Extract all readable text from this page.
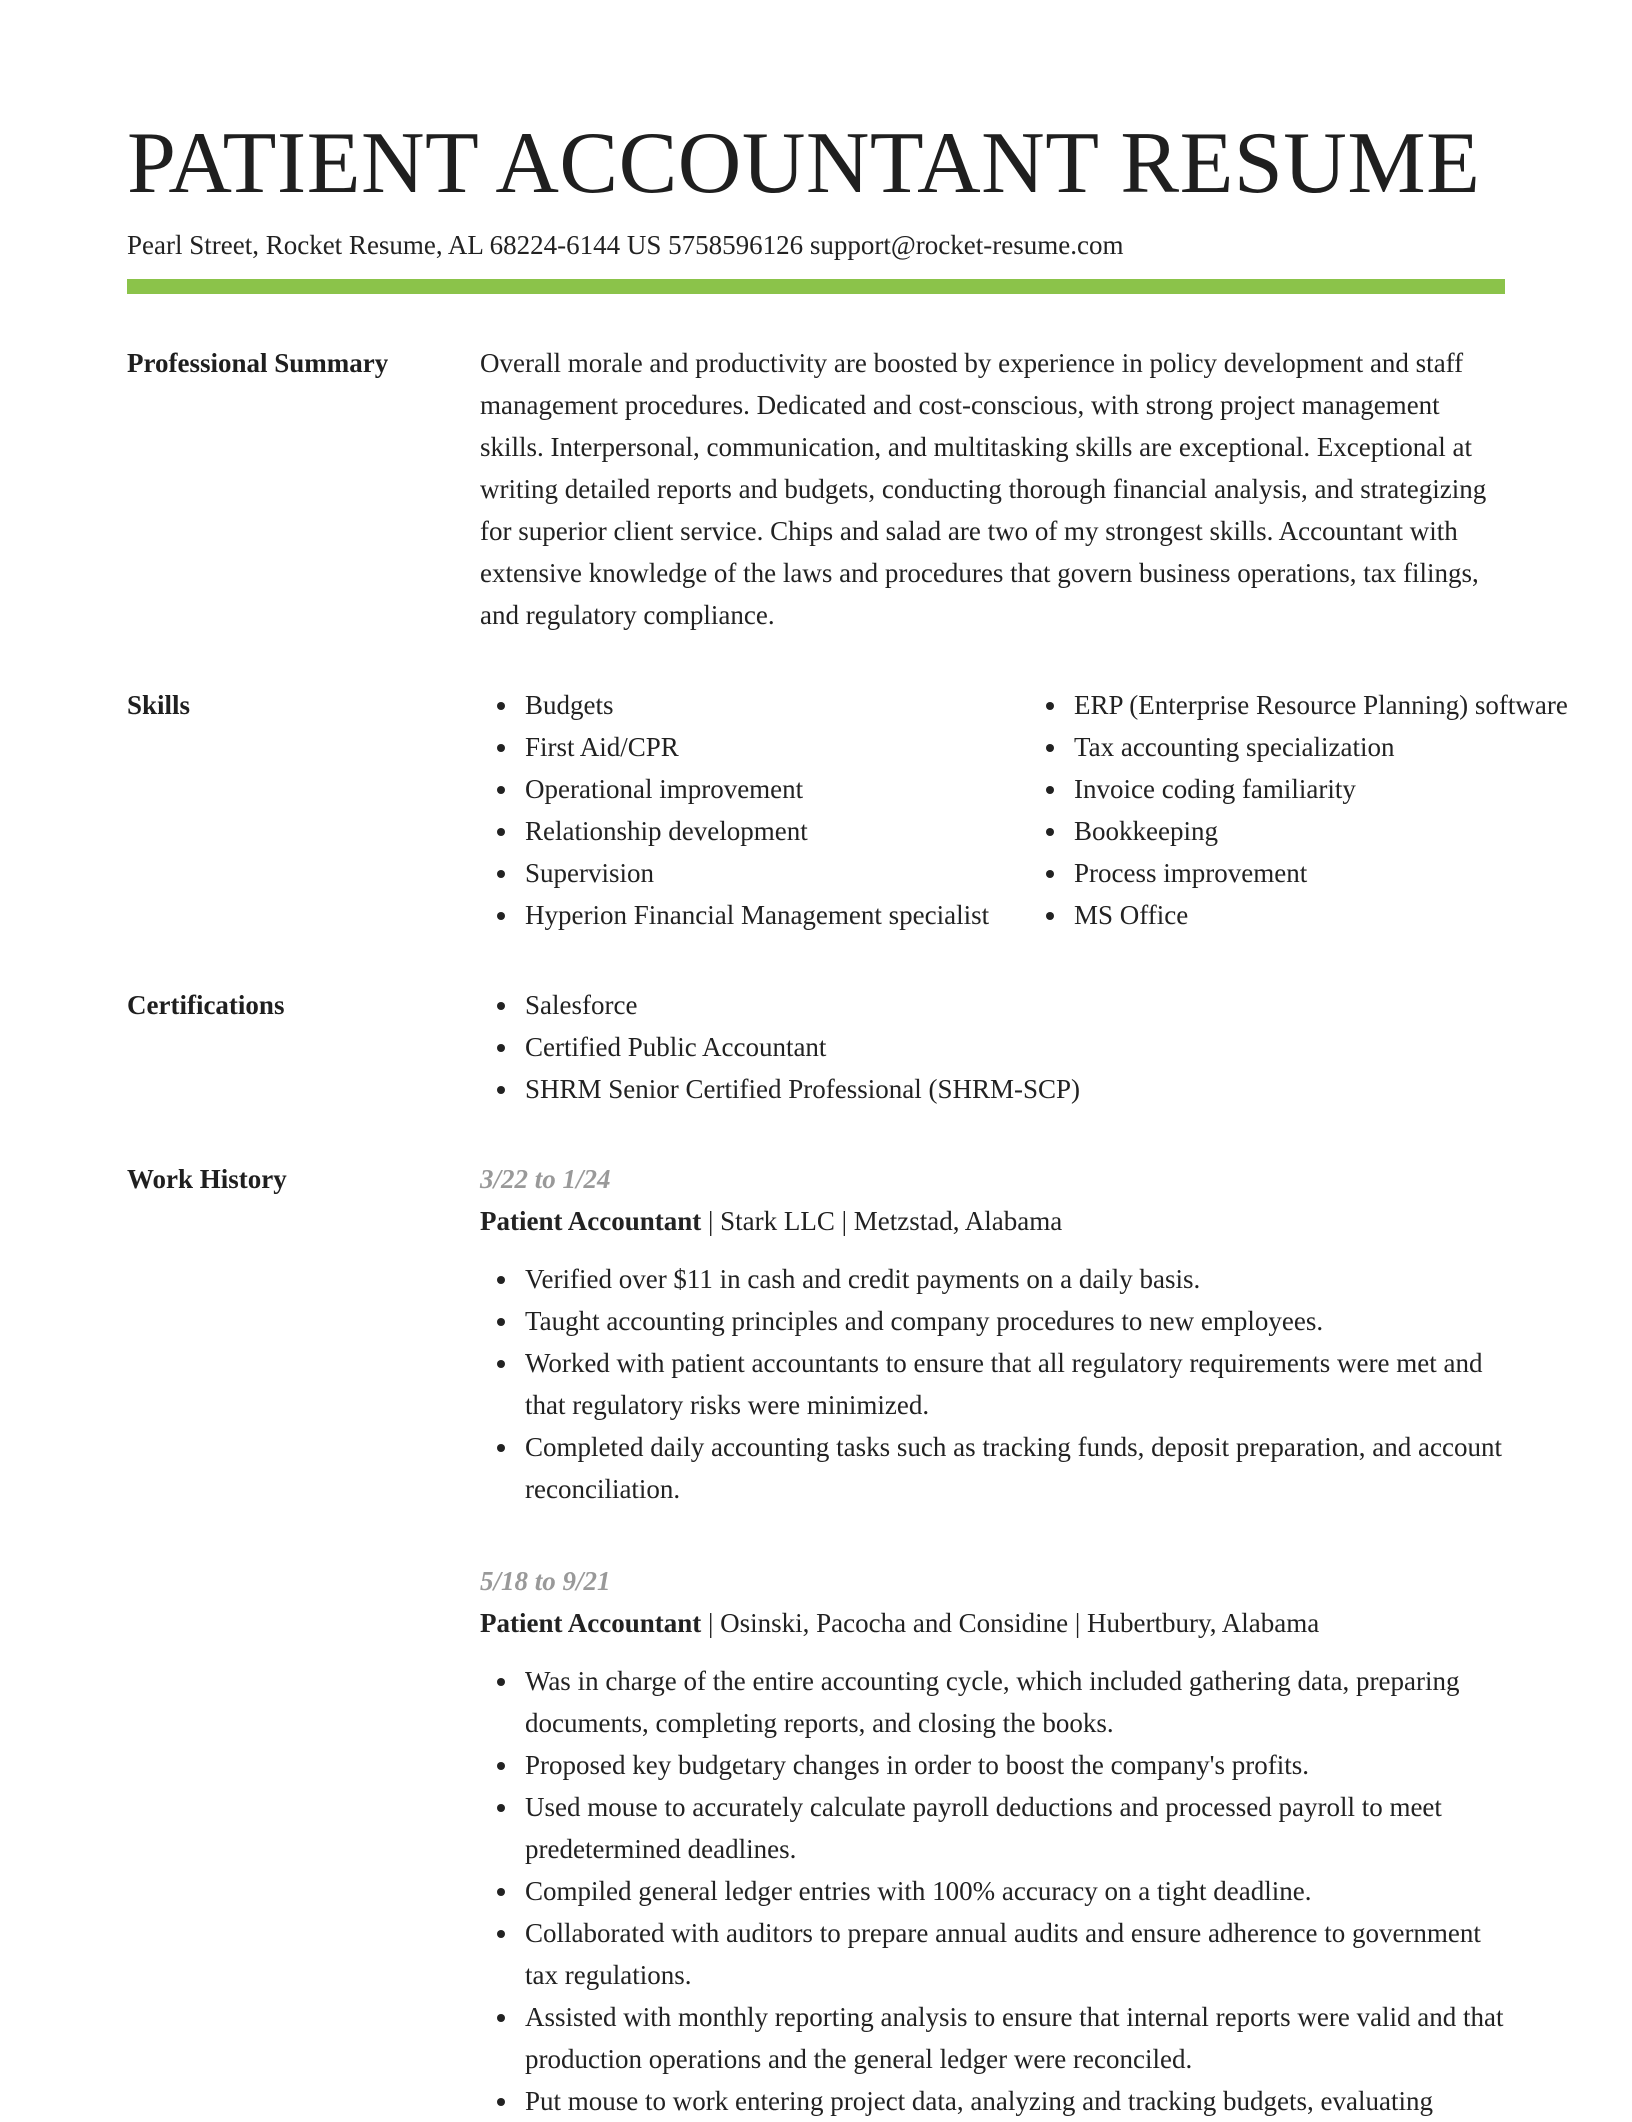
PATIENT ACCOUNTANT RESUME
Pearl Street, Rocket Resume, AL 68224-6144 US 5758596126 support@rocket-resume.com
Professional Summary	Overall morale and productivity are boosted by experience in policy development and staff management procedures. Dedicated and cost-conscious, with strong project management skills. Interpersonal, communication, and multitasking skills are exceptional. Exceptional at writing detailed reports and budgets, conducting thorough financial analysis, and strategizing for superior client service. Chips and salad are two of my strongest skills. Accountant with extensive knowledge of the laws and procedures that govern business operations, tax filings, and regulatory compliance.

Skills	Budgets
First Aid/CPR
Operational improvement
Relationship development
Supervision
Hyperion Financial Management specialist
ERP (Enterprise Resource Planning) software
Tax accounting specialization
Invoice coding familiarity
Bookkeeping
Process improvement
MS Office
Certifications	Salesforce
Certified Public Accountant
SHRM Senior Certified Professional (SHRM-SCP)
Work History	3/22 to 1/24
Patient Accountant | Stark LLC | Metzstad, Alabama
Verified over $11 in cash and credit payments on a daily basis.
Taught accounting principles and company procedures to new employees.
Worked with patient accountants to ensure that all regulatory requirements were met and that regulatory risks were minimized.
Completed daily accounting tasks such as tracking funds, deposit preparation, and account reconciliation.
5/18 to 9/21
Patient Accountant | Osinski, Pacocha and Considine | Hubertbury, Alabama
Was in charge of the entire accounting cycle, which included gathering data, preparing documents, completing reports, and closing the books.
Proposed key budgetary changes in order to boost the company's profits.
Used mouse to accurately calculate payroll deductions and processed payroll to meet predetermined deadlines.
Compiled general ledger entries with 100% accuracy on a tight deadline.
Collaborated with auditors to prepare annual audits and ensure adherence to government tax regulations.
Assisted with monthly reporting analysis to ensure that internal reports were valid and that production operations and the general ledger were reconciled.
Put mouse to work entering project data, analyzing and tracking budgets, evaluating
